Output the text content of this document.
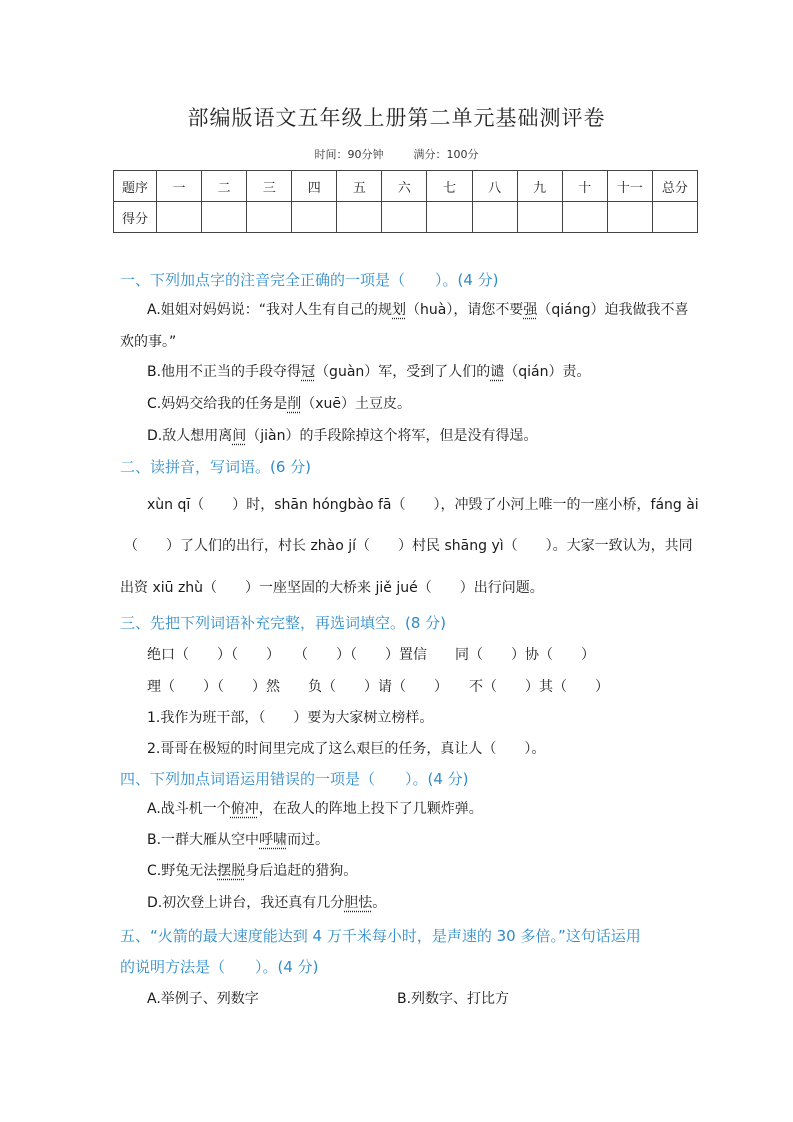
部编版语文五年级上册第二单元基础测评卷
时间：90分钟	满分：100分
题序	一	二	三	四	五	六	七	八	九	十	十一	总分
得分												
一、下列加点字的注音完全正确的一项是（　　）。(4 分)
A.姐姐对妈妈说：“我对人生有自己的规划（huà），请您不要强（qiáng）迫我做我不喜
欢的事。”
B.他用不正当的手段夺得冠（guàn）军，受到了人们的谴（qián）责。
C.妈妈交给我的任务是削（xuē）土豆皮。
D.敌人想用离间（jiàn）的手段除掉这个将军，但是没有得逞。
二、读拼音，写词语。(6 分)
xùn qī（　　）时，shān hóngbào fā（　　），冲毁了小河上唯一的一座小桥，fáng ài
（　　）了人们的出行，村长 zhào jí（　　）村民 shāng yì（　　）。大家一致认为，共同
出资 xiū zhù（　　）一座坚固的大桥来 jiě jué（　　）出行问题。
三、先把下列词语补充完整，再选词填空。(8 分)
绝口（　　）（　　）　　（　　）（　　）置信　　同（　　）协（　　）
理（　　）（　　）然　　负（　　）请（　　）　　不（　　）其（　　）
1.我作为班干部，（　　）要为大家树立榜样。
2.哥哥在极短的时间里完成了这么艰巨的任务，真让人（　　）。
四、下列加点词语运用错误的一项是（　　）。(4 分)
A.战斗机一个俯冲，在敌人的阵地上投下了几颗炸弹。
B.一群大雁从空中呼啸而过。
C.野兔无法摆脱身后追赶的猎狗。
D.初次登上讲台，我还真有几分胆怯。
五、“火箭的最大速度能达到 4 万千米每小时，是声速的 30 多倍。”这句话运用
的说明方法是（　　）。(4 分)
A.举例子、列数字	B.列数字、打比方
